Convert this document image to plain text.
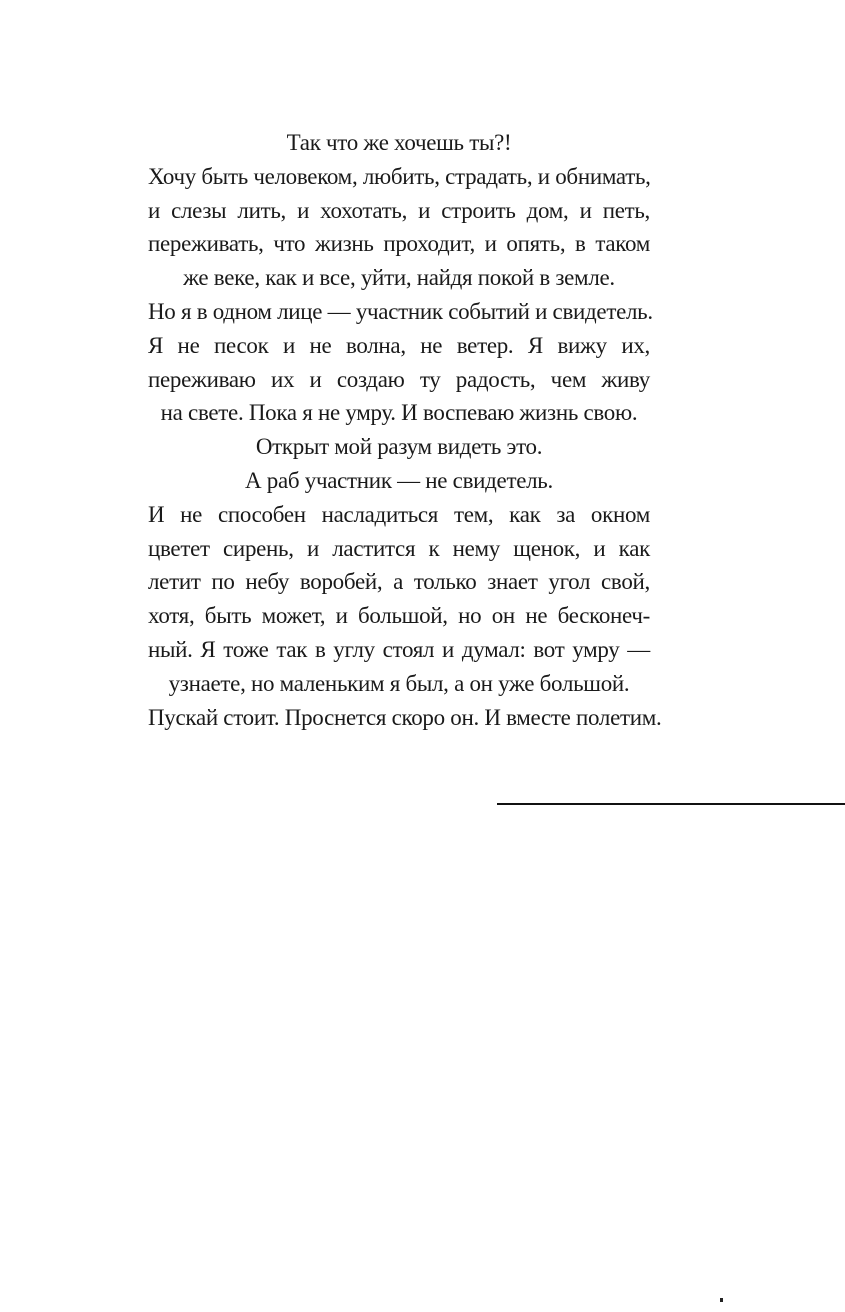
Так что же хочешь ты?!
Хочу быть человеком, любить, страдать, и обнимать,
и слезы лить, и хохотать, и строить дом, и петь,
переживать, что жизнь проходит, и опять, в таком
же веке, как и все, уйти, найдя покой в земле.
Но я в одном лице — участник событий и свидетель.
Я не песок и не волна, не ветер. Я вижу их,
переживаю их и создаю ту радость, чем живу
на свете. Пока я не умру. И воспеваю жизнь свою.
Открыт мой разум видеть это.
А раб участник — не свидетель.
И не способен насладиться тем, как за окном
цветет сирень, и ластится к нему щенок, и как
летит по небу воробей, а только знает угол свой,
хотя, быть может, и большой, но он не бесконеч-
ный. Я тоже так в углу стоял и думал: вот умру —
узнаете, но маленьким я был, а он уже большой.
Пускай стоит. Проснется скоро он. И вместе полетим.
